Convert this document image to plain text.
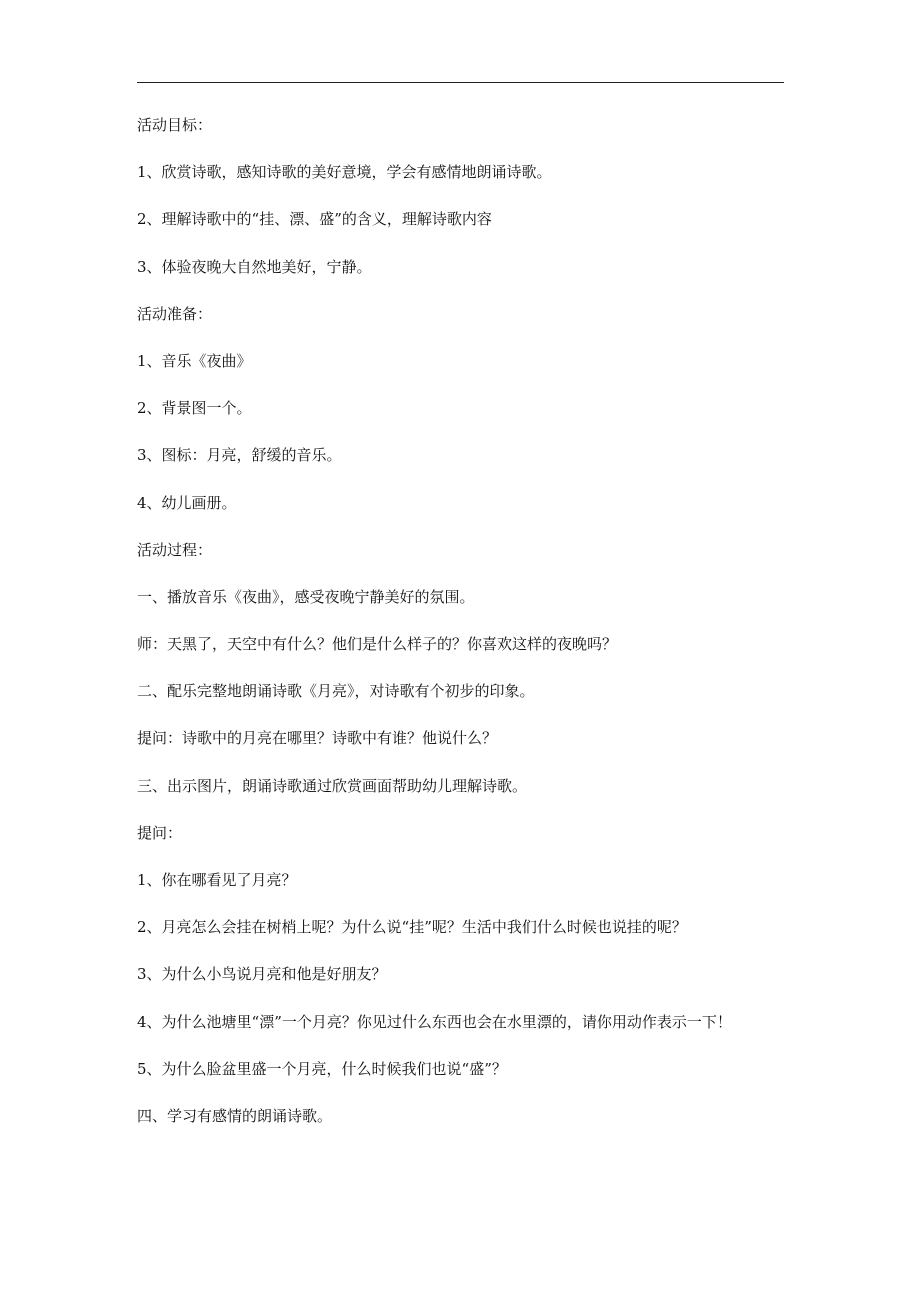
活动目标：
1、欣赏诗歌，感知诗歌的美好意境，学会有感情地朗诵诗歌。
2、理解诗歌中的“挂、漂、盛”的含义，理解诗歌内容
3、体验夜晚大自然地美好，宁静。
活动准备：
1、音乐《夜曲》
2、背景图一个。
3、图标：月亮，舒缓的音乐。
4、幼儿画册。
活动过程：
一、播放音乐《夜曲》，感受夜晚宁静美好的氛围。
师：天黑了，天空中有什么？他们是什么样子的？你喜欢这样的夜晚吗？
二、配乐完整地朗诵诗歌《月亮》，对诗歌有个初步的印象。
提问：诗歌中的月亮在哪里？诗歌中有谁？他说什么？
三、出示图片，朗诵诗歌通过欣赏画面帮助幼儿理解诗歌。
提问：
1、你在哪看见了月亮？
2、月亮怎么会挂在树梢上呢？为什么说“挂”呢？生活中我们什么时候也说挂的呢？
3、为什么小鸟说月亮和他是好朋友？
4、为什么池塘里“漂”一个月亮？你见过什么东西也会在水里漂的，请你用动作表示一下！
5、为什么脸盆里盛一个月亮，什么时候我们也说“盛”？
四、学习有感情的朗诵诗歌。
